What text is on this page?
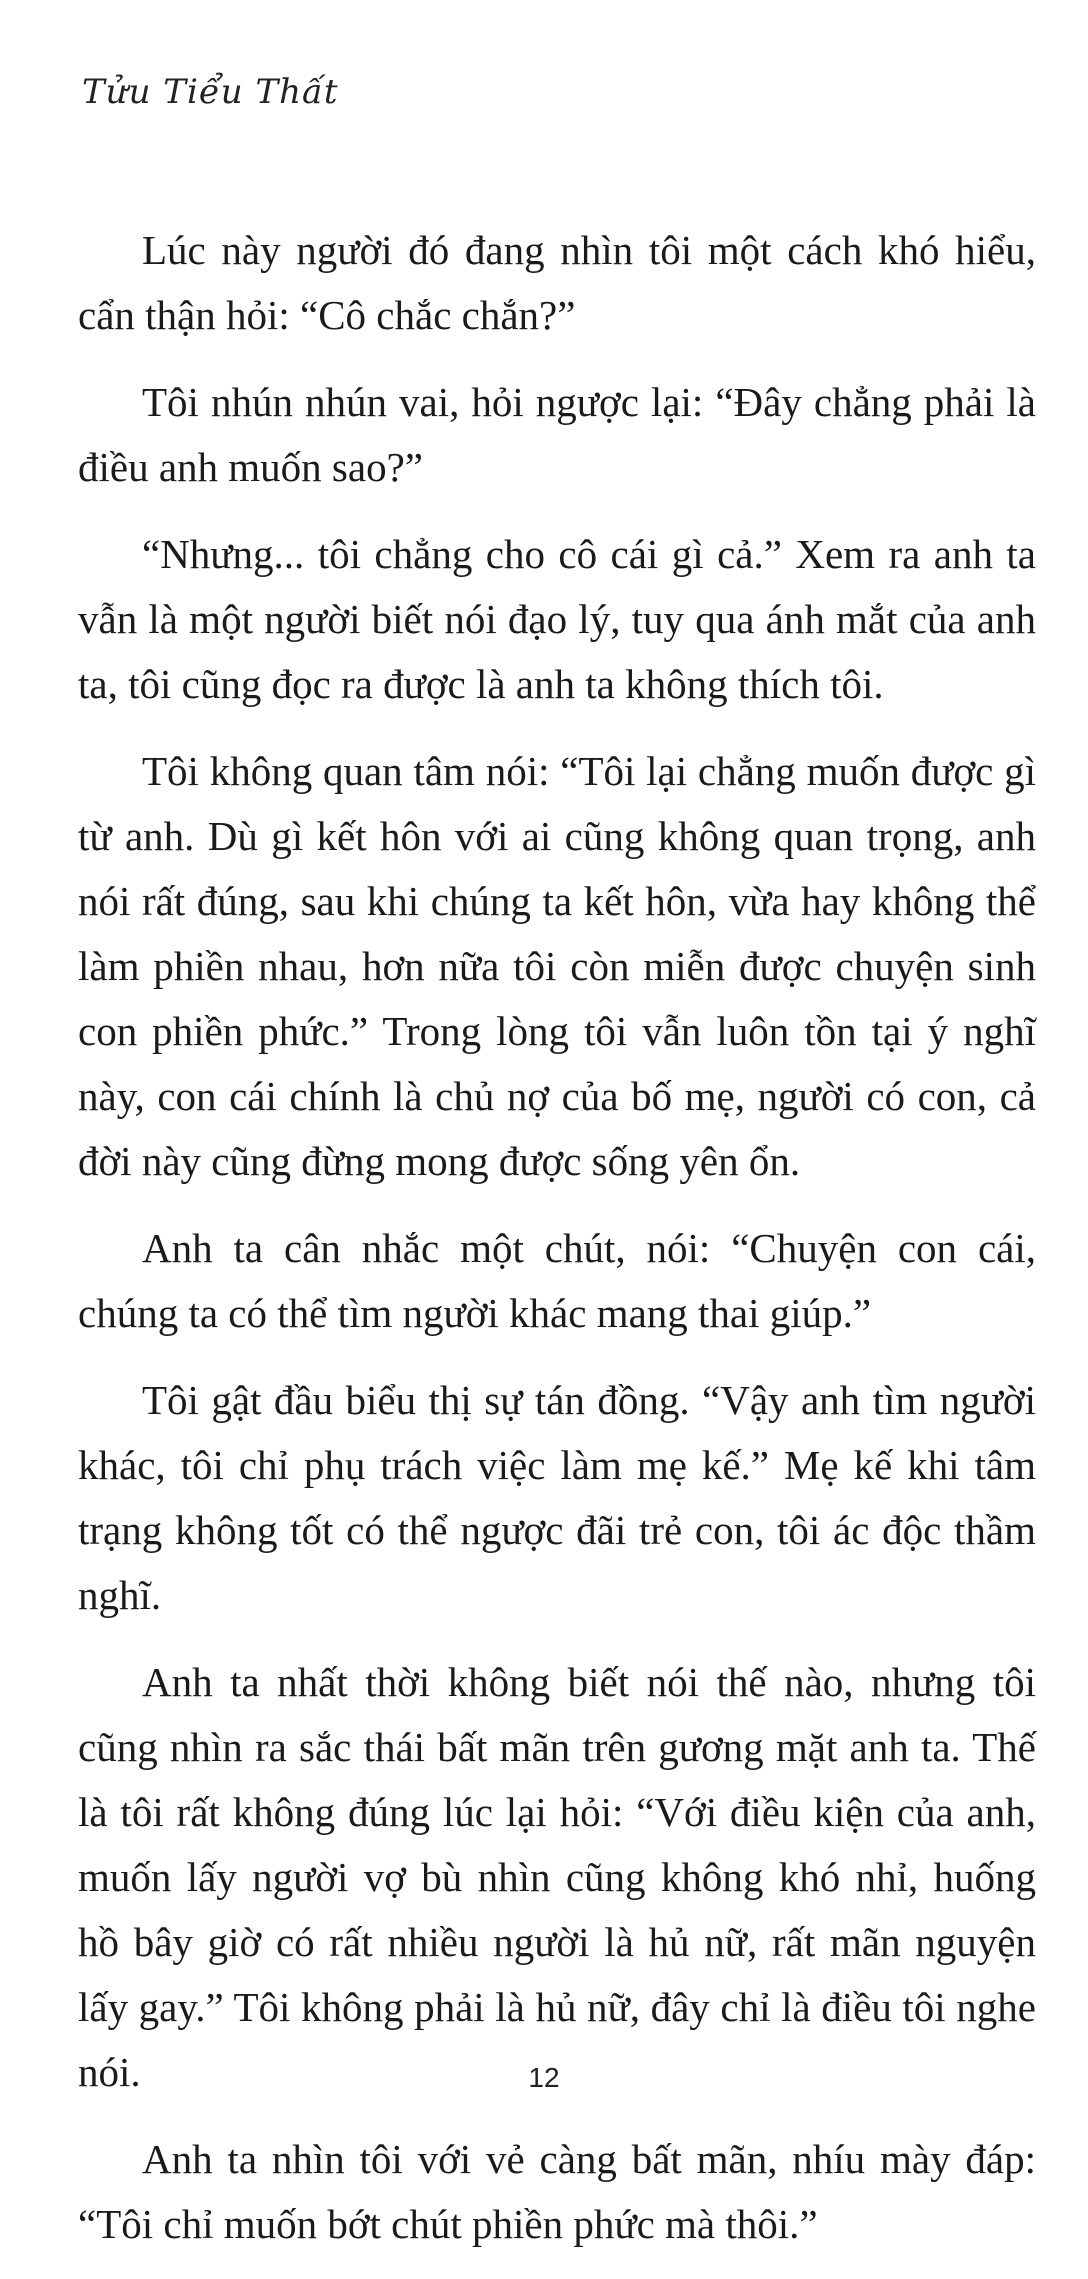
Tửu Tiểu Thất

Lúc này người đó đang nhìn tôi một cách khó hiểu, cẩn thận hỏi: “Cô chắc chắn?”

Tôi nhún nhún vai, hỏi ngược lại: “Đây chẳng phải là điều anh muốn sao?”

“Nhưng... tôi chẳng cho cô cái gì cả.” Xem ra anh ta vẫn là một người biết nói đạo lý, tuy qua ánh mắt của anh ta, tôi cũng đọc ra được là anh ta không thích tôi.

Tôi không quan tâm nói: “Tôi lại chẳng muốn được gì từ anh. Dù gì kết hôn với ai cũng không quan trọng, anh nói rất đúng, sau khi chúng ta kết hôn, vừa hay không thể làm phiền nhau, hơn nữa tôi còn miễn được chuyện sinh con phiền phức.” Trong lòng tôi vẫn luôn tồn tại ý nghĩ này, con cái chính là chủ nợ của bố mẹ, người có con, cả đời này cũng đừng mong được sống yên ổn.

Anh ta cân nhắc một chút, nói: “Chuyện con cái, chúng ta có thể tìm người khác mang thai giúp.”

Tôi gật đầu biểu thị sự tán đồng. “Vậy anh tìm người khác, tôi chỉ phụ trách việc làm mẹ kế.” Mẹ kế khi tâm trạng không tốt có thể ngược đãi trẻ con, tôi ác độc thầm nghĩ.

Anh ta nhất thời không biết nói thế nào, nhưng tôi cũng nhìn ra sắc thái bất mãn trên gương mặt anh ta. Thế là tôi rất không đúng lúc lại hỏi: “Với điều kiện của anh, muốn lấy người vợ bù nhìn cũng không khó nhỉ, huống hồ bây giờ có rất nhiều người là hủ nữ, rất mãn nguyện lấy gay.” Tôi không phải là hủ nữ, đây chỉ là điều tôi nghe nói.

Anh ta nhìn tôi với vẻ càng bất mãn, nhíu mày đáp: “Tôi chỉ muốn bớt chút phiền phức mà thôi.”

12
